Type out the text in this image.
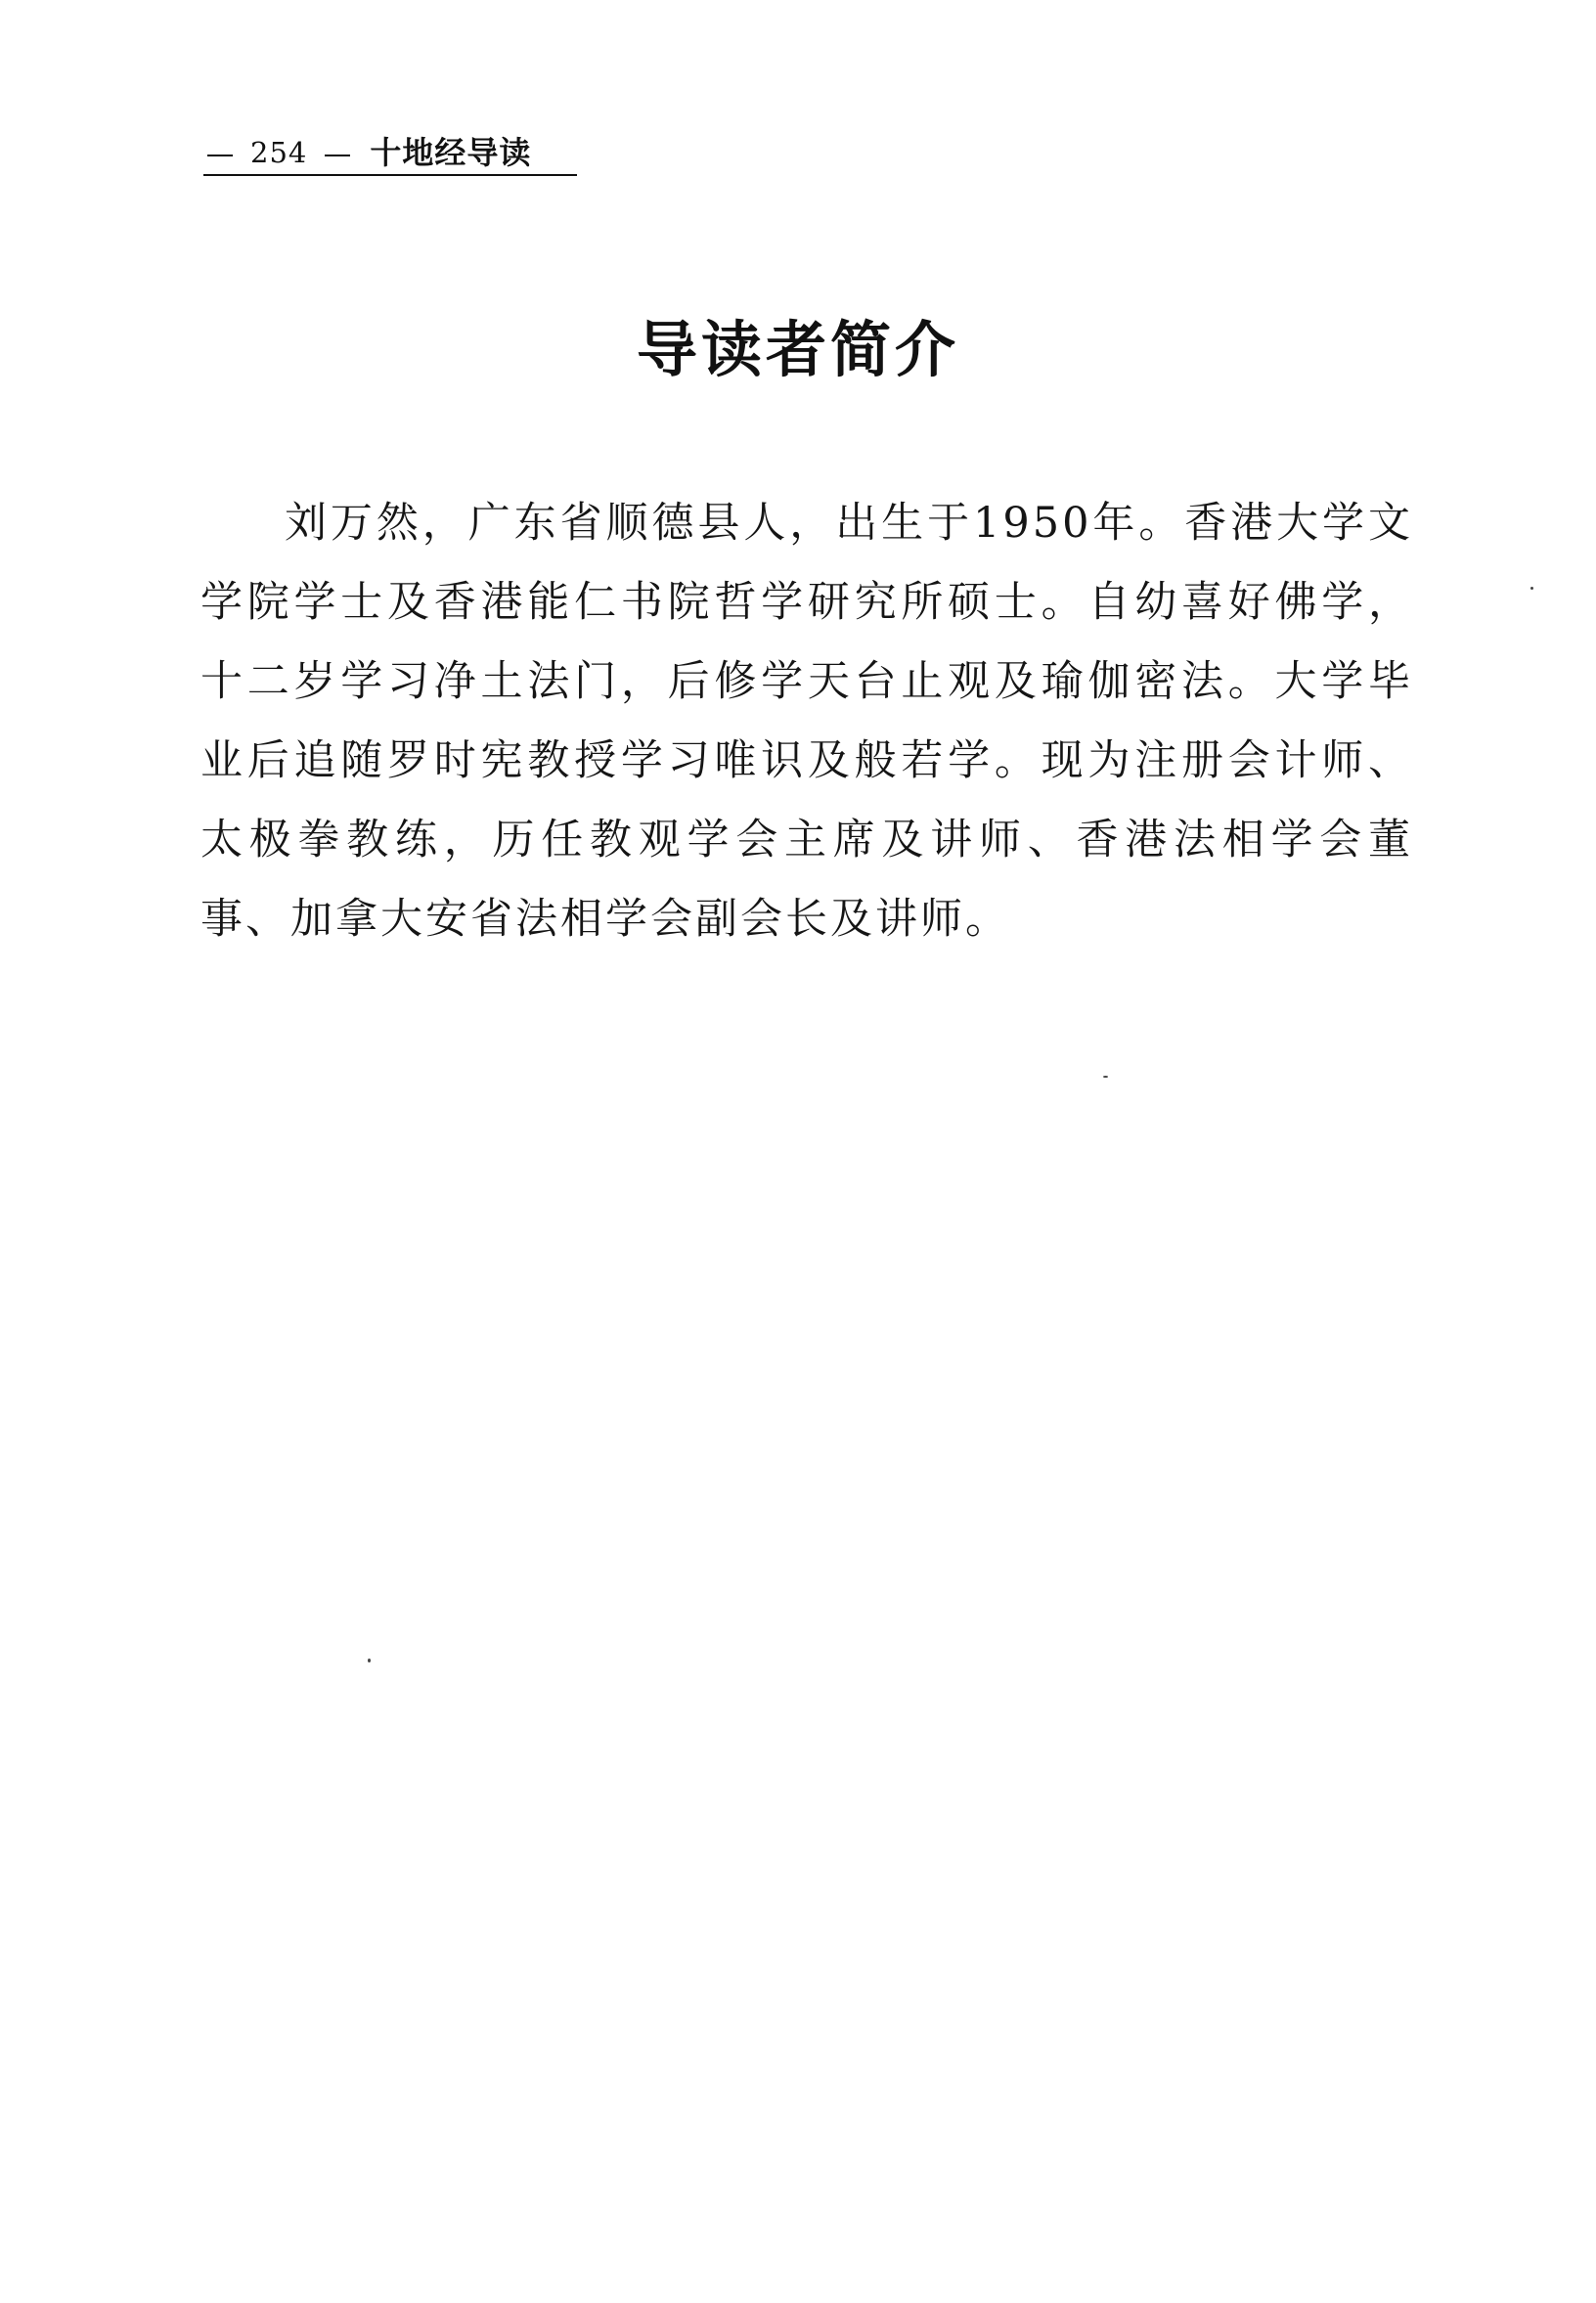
254 十地经导读
导读者简介

刘万然，广东省顺德县人，出生于1950年。香港大学文学院学士及香港能仁书院哲学研究所硕士。自幼喜好佛学，十二岁学习净土法门，后修学天台止观及瑜伽密法。大学毕业后追随罗时宪教授学习唯识及般若学。现为注册会计师、太极拳教练，历任教观学会主席及讲师、香港法相学会董事、加拿大安省法相学会副会长及讲师。
